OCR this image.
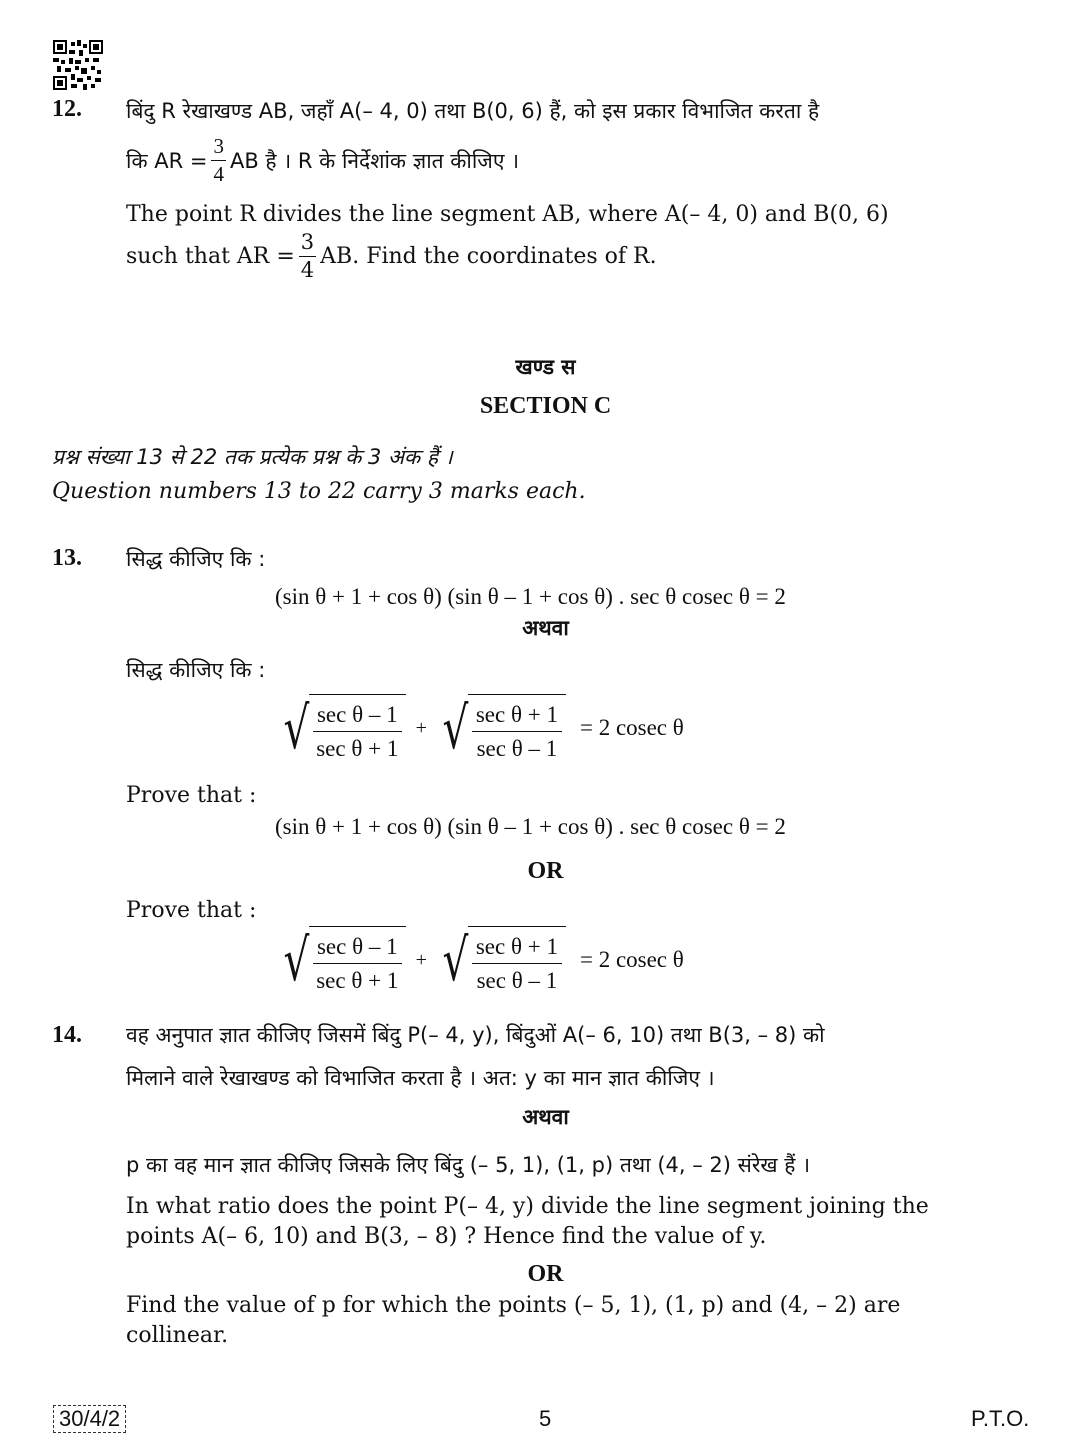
12. बिंदु R रेखाखण्ड AB, जहाँ A(– 4, 0) तथा B(0, 6) हैं, को इस प्रकार विभाजित करता है
कि AR = $\frac{3}{4}$ AB है । R के निर्देशांक ज्ञात कीजिए ।
The point R divides the line segment AB, where A(– 4, 0) and B(0, 6)
such that AR = $\frac{3}{4}$ AB. Find the coordinates of R.
खण्ड स
SECTION C
प्रश्न संख्या 13 से 22 तक प्रत्येक प्रश्न के 3 अंक हैं ।
Question numbers 13 to 22 carry 3 marks each.
13. सिद्ध कीजिए कि :
(sin θ + 1 + cos θ) (sin θ – 1 + cos θ) . sec θ cosec θ = 2
अथवा
सिद्ध कीजिए कि :
√ sec θ – 1
sec θ + 1
+ √ sec θ + 1
sec θ – 1
= 2 cosec θ
Prove that :
(sin θ + 1 + cos θ) (sin θ – 1 + cos θ) . sec θ cosec θ = 2
OR
Prove that :
√ sec θ – 1
sec θ + 1
+ √ sec θ + 1
sec θ – 1
= 2 cosec θ
14. वह अनुपात ज्ञात कीजिए जिसमें बिंदु P(– 4, y), बिंदुओं A(– 6, 10) तथा B(3, – 8) को
मिलाने वाले रेखाखण्ड को विभाजित करता है । अत: y का मान ज्ञात कीजिए ।
अथवा
p का वह मान ज्ञात कीजिए जिसके लिए बिंदु (– 5, 1), (1, p) तथा (4, – 2) संरेख हैं ।
In what ratio does the point P(– 4, y) divide the line segment joining the
points A(– 6, 10) and B(3, – 8) ? Hence find the value of y.
OR
Find the value of p for which the points (– 5, 1), (1, p) and (4, – 2) are
collinear.
30/4/2	5	P.T.O.
